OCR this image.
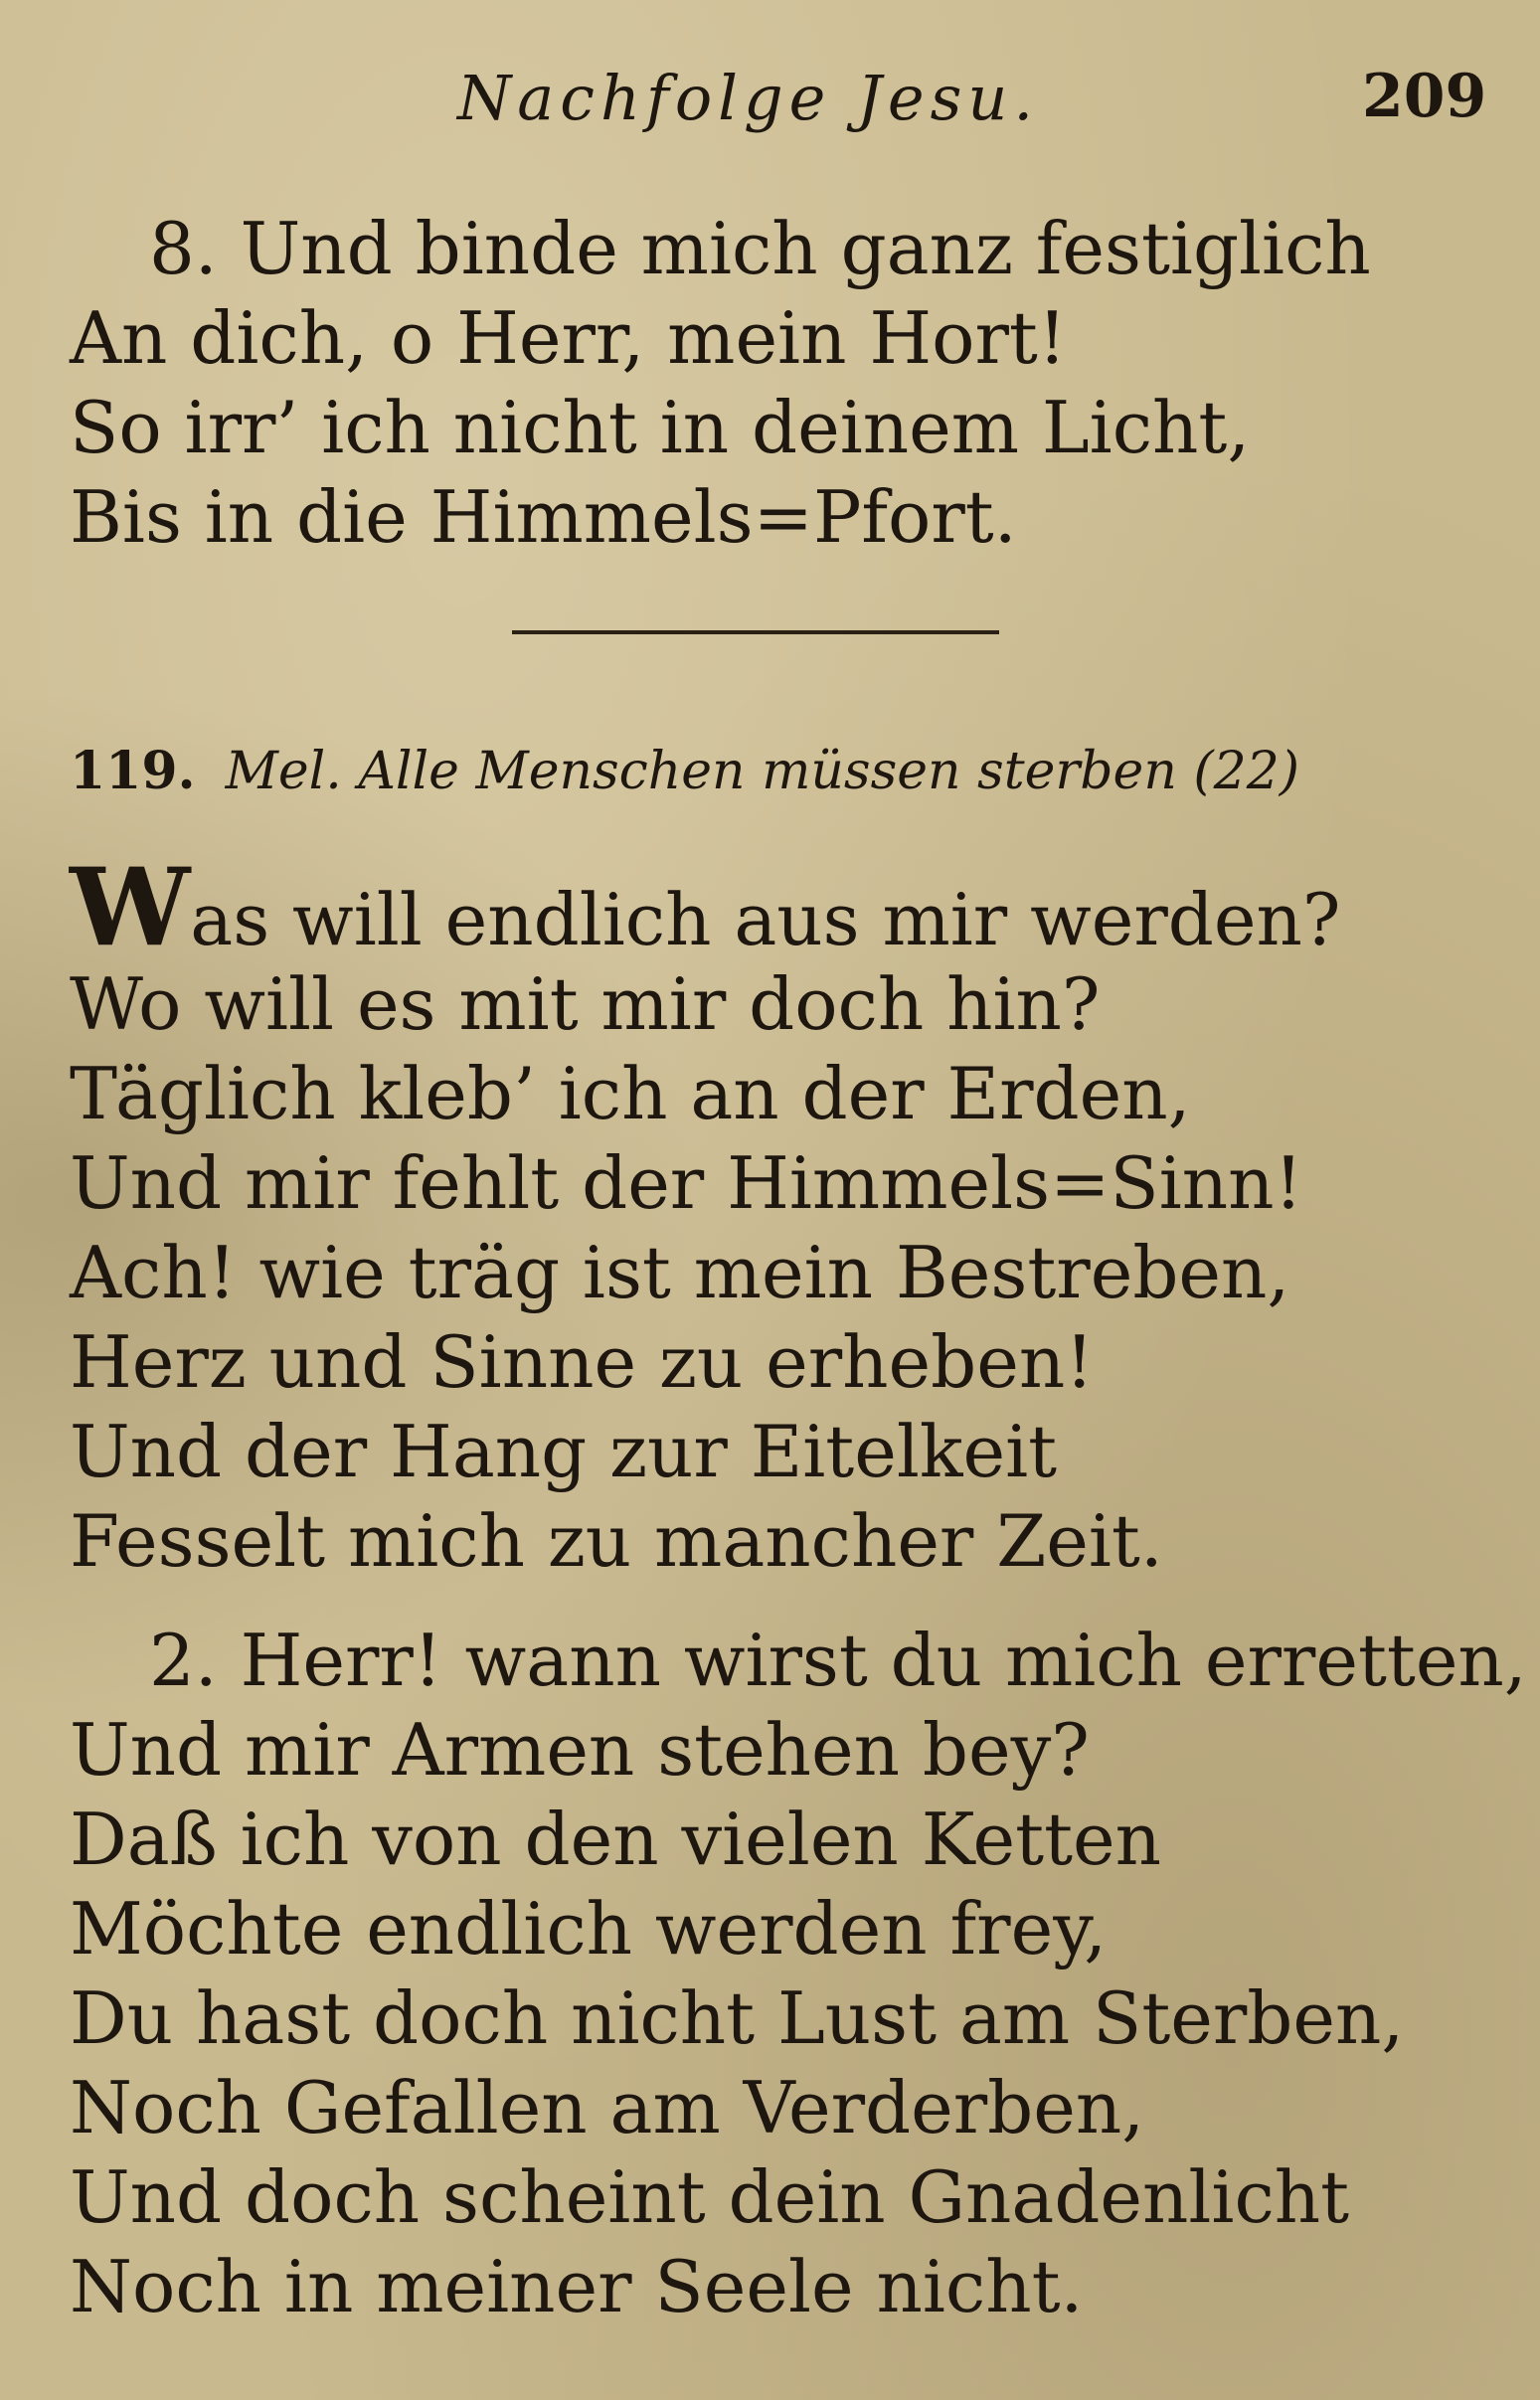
Nachfolge Jesu.	209
8. Und binde mich ganz festiglich
An dich, o Herr, mein Hort!
So irr’ ich nicht in deinem Licht,
Bis in die Himmels=Pfort.
119. Mel. Alle Menschen müssen sterben (22)
Was will endlich aus mir werden?
Wo will es mit mir doch hin?
Täglich kleb’ ich an der Erden,
Und mir fehlt der Himmels=Sinn!
Ach! wie träg ist mein Bestreben,
Herz und Sinne zu erheben!
Und der Hang zur Eitelkeit
Fesselt mich zu mancher Zeit.
2. Herr! wann wirst du mich erretten,
Und mir Armen stehen bey?
Daß ich von den vielen Ketten
Möchte endlich werden frey,
Du hast doch nicht Lust am Sterben,
Noch Gefallen am Verderben,
Und doch scheint dein Gnadenlicht
Noch in meiner Seele nicht.
